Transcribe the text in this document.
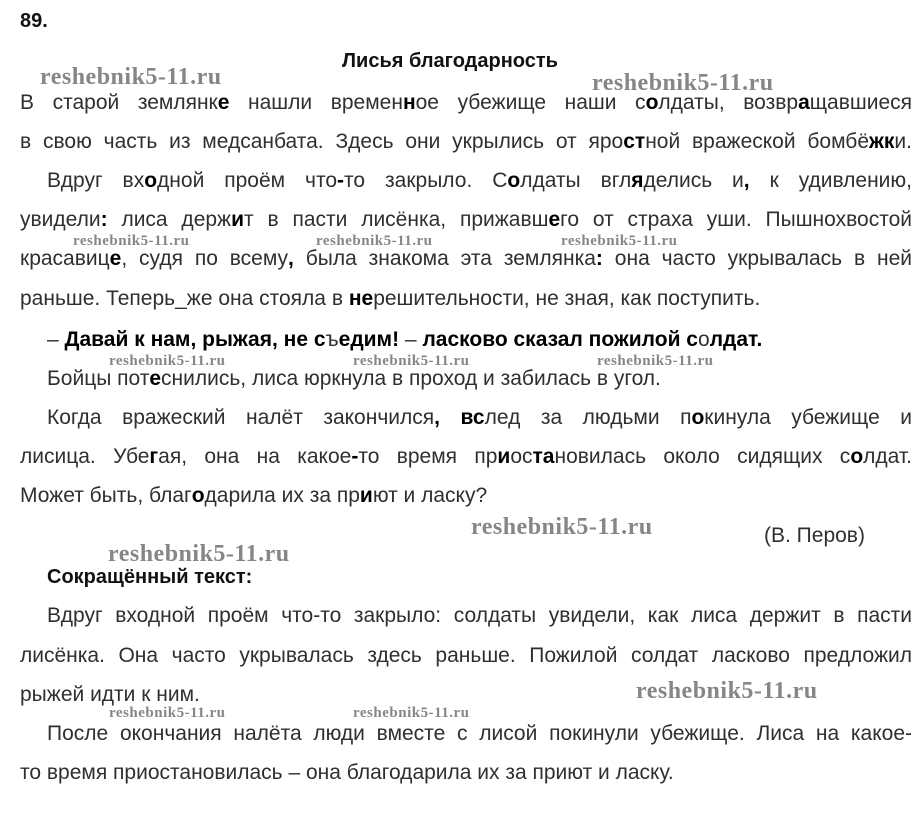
89.
Лисья благодарность
В старой землянке нашли временное убежище наши солдаты, возвращавшиеся
в свою часть из медсанбата. Здесь они укрылись от яростной вражеской бомбёжки.
Вдруг входной проём что-то закрыло. Солдаты вгляделись и, к удивлению,
увидели: лиса держит в пасти лисёнка, прижавшего от страха уши. Пышнохвостой
красавице, судя по всему, была знакома эта землянка: она часто укрывалась в ней
раньше. Теперь_же она стояла в нерешительности, не зная, как поступить.
– Давай к нам, рыжая, не съедим! – ласково сказал пожилой солдат.
Бойцы потеснились, лиса юркнула в проход и забилась в угол.
Когда вражеский налёт закончился, вслед за людьми покинула убежище и
лисица. Убегая, она на какое-то время приостановилась около сидящих солдат.
Может быть, благодарила их за приют и ласку?
(В. Перов)
Сокращённый текст:
Вдруг входной проём что-то закрыло: солдаты увидели, как лиса держит в пасти
лисёнка. Она часто укрывалась здесь раньше. Пожилой солдат ласково предложил
рыжей идти к ним.
После окончания налёта люди вместе с лисой покинули убежище. Лиса на какое-
то время приостановилась – она благодарила их за приют и ласку.
reshebnik5-11.ru	reshebnik5-11.ru
reshebnik5-11.ru	reshebnik5-11.ru	reshebnik5-11.ru
reshebnik5-11.ru	reshebnik5-11.ru	reshebnik5-11.ru
reshebnik5-11.ru
reshebnik5-11.ru
reshebnik5-11.ru
reshebnik5-11.ru	reshebnik5-11.ru
